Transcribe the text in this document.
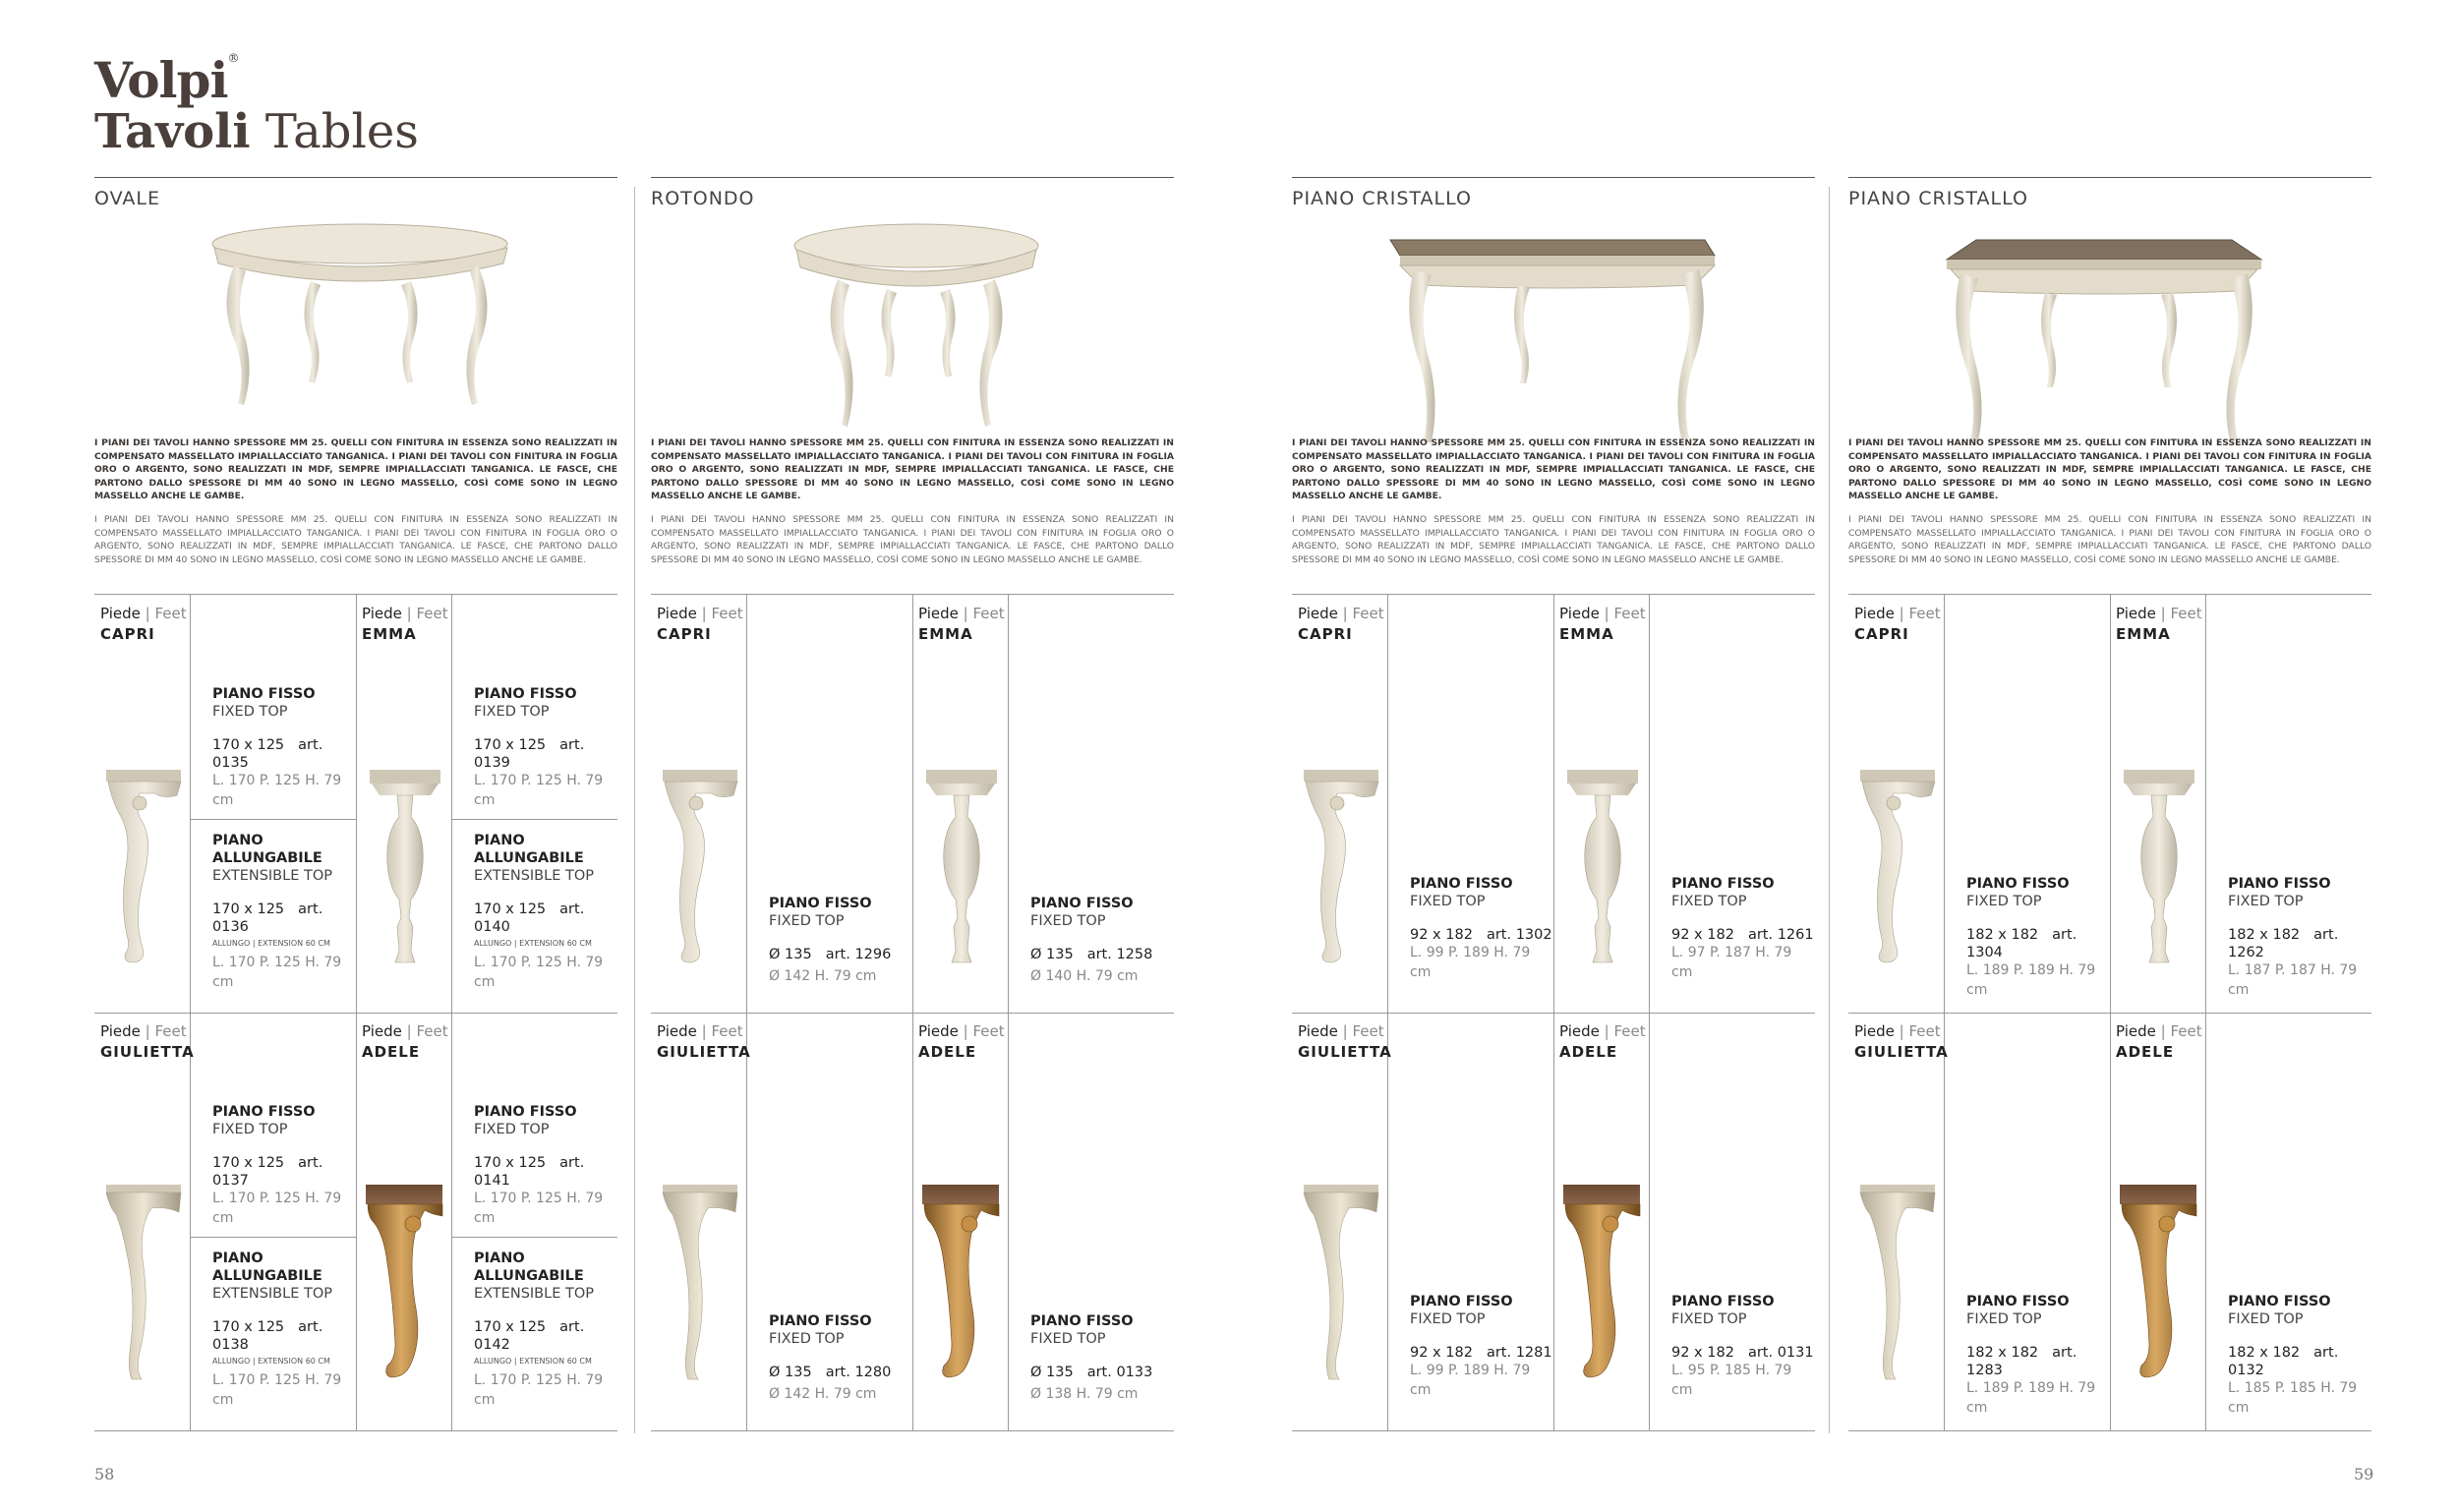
Volpi®
Tavoli Tables
58	59
OVALE
I PIANI DEI TAVOLI HANNO SPESSORE MM 25. QUELLI CON FINITURA IN ESSENZA SONO REALIZZATI IN COMPENSATO MASSELLATO IMPIALLACCIATO TANGANICA. I PIANI DEI TAVOLI CON FINITURA IN FOGLIA ORO O ARGENTO, SONO REALIZZATI IN MDF, SEMPRE IMPIALLACCIATI TANGANICA. LE FASCE, CHE PARTONO DALLO SPESSORE DI MM 40 SONO IN LEGNO MASSELLO, COSÌ COME SONO IN LEGNO MASSELLO ANCHE LE GAMBE.
I PIANI DEI TAVOLI HANNO SPESSORE MM 25. QUELLI CON FINITURA IN ESSENZA SONO REALIZZATI IN COMPENSATO MASSELLATO IMPIALLACCIATO TANGANICA. I PIANI DEI TAVOLI CON FINITURA IN FOGLIA ORO O ARGENTO, SONO REALIZZATI IN MDF, SEMPRE IMPIALLACCIATI TANGANICA. LE FASCE, CHE PARTONO DALLO SPESSORE DI MM 40 SONO IN LEGNO MASSELLO, COSÌ COME SONO IN LEGNO MASSELLO ANCHE LE GAMBE.
Piede | Feet
CAPRI
PIANO FISSO
FIXED TOP
170 x 125 art. 0135
L. 170 P. 125 H. 79
cm
PIANO
ALLUNGABILE
EXTENSIBLE TOP
170 x 125 art. 0136
ALLUNGO | EXTENSION 60 CM
L. 170 P. 125 H. 79
cm
Piede | Feet
EMMA
PIANO FISSO
FIXED TOP
170 x 125 art. 0139
L. 170 P. 125 H. 79
cm
PIANO
ALLUNGABILE
EXTENSIBLE TOP
170 x 125 art. 0140
ALLUNGO | EXTENSION 60 CM
L. 170 P. 125 H. 79
cm
Piede | Feet
GIULIETTA
PIANO FISSO
FIXED TOP
170 x 125 art. 0137
L. 170 P. 125 H. 79
cm
PIANO
ALLUNGABILE
EXTENSIBLE TOP
170 x 125 art. 0138
ALLUNGO | EXTENSION 60 CM
L. 170 P. 125 H. 79
cm
Piede | Feet
ADELE
PIANO FISSO
FIXED TOP
170 x 125 art. 0141
L. 170 P. 125 H. 79
cm
PIANO
ALLUNGABILE
EXTENSIBLE TOP
170 x 125 art. 0142
ALLUNGO | EXTENSION 60 CM
L. 170 P. 125 H. 79
cm
ROTONDO
I PIANI DEI TAVOLI HANNO SPESSORE MM 25. QUELLI CON FINITURA IN ESSENZA SONO REALIZZATI IN COMPENSATO MASSELLATO IMPIALLACCIATO TANGANICA. I PIANI DEI TAVOLI CON FINITURA IN FOGLIA ORO O ARGENTO, SONO REALIZZATI IN MDF, SEMPRE IMPIALLACCIATI TANGANICA. LE FASCE, CHE PARTONO DALLO SPESSORE DI MM 40 SONO IN LEGNO MASSELLO, COSÌ COME SONO IN LEGNO MASSELLO ANCHE LE GAMBE.
I PIANI DEI TAVOLI HANNO SPESSORE MM 25. QUELLI CON FINITURA IN ESSENZA SONO REALIZZATI IN COMPENSATO MASSELLATO IMPIALLACCIATO TANGANICA. I PIANI DEI TAVOLI CON FINITURA IN FOGLIA ORO O ARGENTO, SONO REALIZZATI IN MDF, SEMPRE IMPIALLACCIATI TANGANICA. LE FASCE, CHE PARTONO DALLO SPESSORE DI MM 40 SONO IN LEGNO MASSELLO, COSÌ COME SONO IN LEGNO MASSELLO ANCHE LE GAMBE.
Piede | Feet
CAPRI
PIANO FISSO
FIXED TOP
Ø 135 art. 1296
Ø 142 H. 79 cm
Piede | Feet
EMMA
PIANO FISSO
FIXED TOP
Ø 135 art. 1258
Ø 140 H. 79 cm
Piede | Feet
GIULIETTA
PIANO FISSO
FIXED TOP
Ø 135 art. 1280
Ø 142 H. 79 cm
Piede | Feet
ADELE
PIANO FISSO
FIXED TOP
Ø 135 art. 0133
Ø 138 H. 79 cm
PIANO CRISTALLO
I PIANI DEI TAVOLI HANNO SPESSORE MM 25. QUELLI CON FINITURA IN ESSENZA SONO REALIZZATI IN COMPENSATO MASSELLATO IMPIALLACCIATO TANGANICA. I PIANI DEI TAVOLI CON FINITURA IN FOGLIA ORO O ARGENTO, SONO REALIZZATI IN MDF, SEMPRE IMPIALLACCIATI TANGANICA. LE FASCE, CHE PARTONO DALLO SPESSORE DI MM 40 SONO IN LEGNO MASSELLO, COSÌ COME SONO IN LEGNO MASSELLO ANCHE LE GAMBE.
I PIANI DEI TAVOLI HANNO SPESSORE MM 25. QUELLI CON FINITURA IN ESSENZA SONO REALIZZATI IN COMPENSATO MASSELLATO IMPIALLACCIATO TANGANICA. I PIANI DEI TAVOLI CON FINITURA IN FOGLIA ORO O ARGENTO, SONO REALIZZATI IN MDF, SEMPRE IMPIALLACCIATI TANGANICA. LE FASCE, CHE PARTONO DALLO SPESSORE DI MM 40 SONO IN LEGNO MASSELLO, COSÌ COME SONO IN LEGNO MASSELLO ANCHE LE GAMBE.
Piede | Feet
CAPRI
PIANO FISSO
FIXED TOP
92 x 182 art. 1302
L. 99 P. 189 H. 79
cm
Piede | Feet
EMMA
PIANO FISSO
FIXED TOP
92 x 182 art. 1261
L. 97 P. 187 H. 79
cm
Piede | Feet
GIULIETTA
PIANO FISSO
FIXED TOP
92 x 182 art. 1281
L. 99 P. 189 H. 79
cm
Piede | Feet
ADELE
PIANO FISSO
FIXED TOP
92 x 182 art. 0131
L. 95 P. 185 H. 79
cm
PIANO CRISTALLO
I PIANI DEI TAVOLI HANNO SPESSORE MM 25. QUELLI CON FINITURA IN ESSENZA SONO REALIZZATI IN COMPENSATO MASSELLATO IMPIALLACCIATO TANGANICA. I PIANI DEI TAVOLI CON FINITURA IN FOGLIA ORO O ARGENTO, SONO REALIZZATI IN MDF, SEMPRE IMPIALLACCIATI TANGANICA. LE FASCE, CHE PARTONO DALLO SPESSORE DI MM 40 SONO IN LEGNO MASSELLO, COSÌ COME SONO IN LEGNO MASSELLO ANCHE LE GAMBE.
I PIANI DEI TAVOLI HANNO SPESSORE MM 25. QUELLI CON FINITURA IN ESSENZA SONO REALIZZATI IN COMPENSATO MASSELLATO IMPIALLACCIATO TANGANICA. I PIANI DEI TAVOLI CON FINITURA IN FOGLIA ORO O ARGENTO, SONO REALIZZATI IN MDF, SEMPRE IMPIALLACCIATI TANGANICA. LE FASCE, CHE PARTONO DALLO SPESSORE DI MM 40 SONO IN LEGNO MASSELLO, COSÌ COME SONO IN LEGNO MASSELLO ANCHE LE GAMBE.
Piede | Feet
CAPRI
PIANO FISSO
FIXED TOP
182 x 182 art. 1304
L. 189 P. 189 H. 79
cm
Piede | Feet
EMMA
PIANO FISSO
FIXED TOP
182 x 182 art. 1262
L. 187 P. 187 H. 79
cm
Piede | Feet
GIULIETTA
PIANO FISSO
FIXED TOP
182 x 182 art. 1283
L. 189 P. 189 H. 79
cm
Piede | Feet
ADELE
PIANO FISSO
FIXED TOP
182 x 182 art. 0132
L. 185 P. 185 H. 79
cm
